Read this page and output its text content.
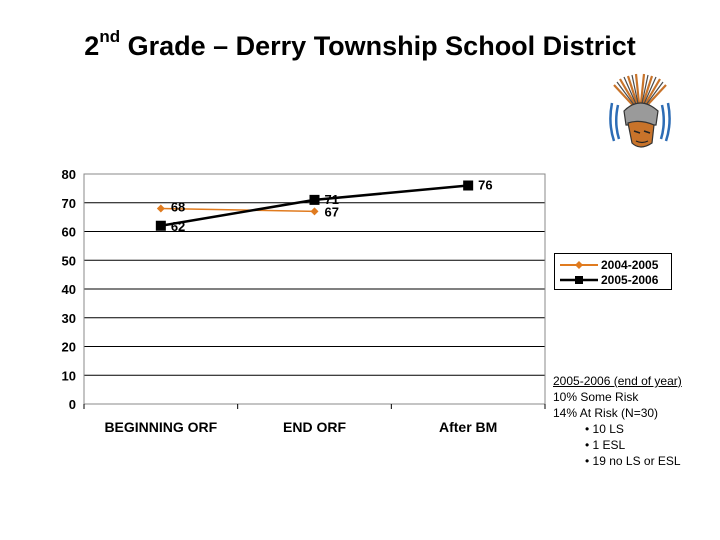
2nd Grade – Derry Township School District
0
10
20
30
40
50
60
70
80
BEGINNING ORF	END ORF	After BM
68	67
62
71
76
2004-2005
2005-2006
2005-2006 (end of year)
10% Some Risk
14% At Risk (N=30)
• 10 LS
• 1 ESL
• 19 no LS or ESL
